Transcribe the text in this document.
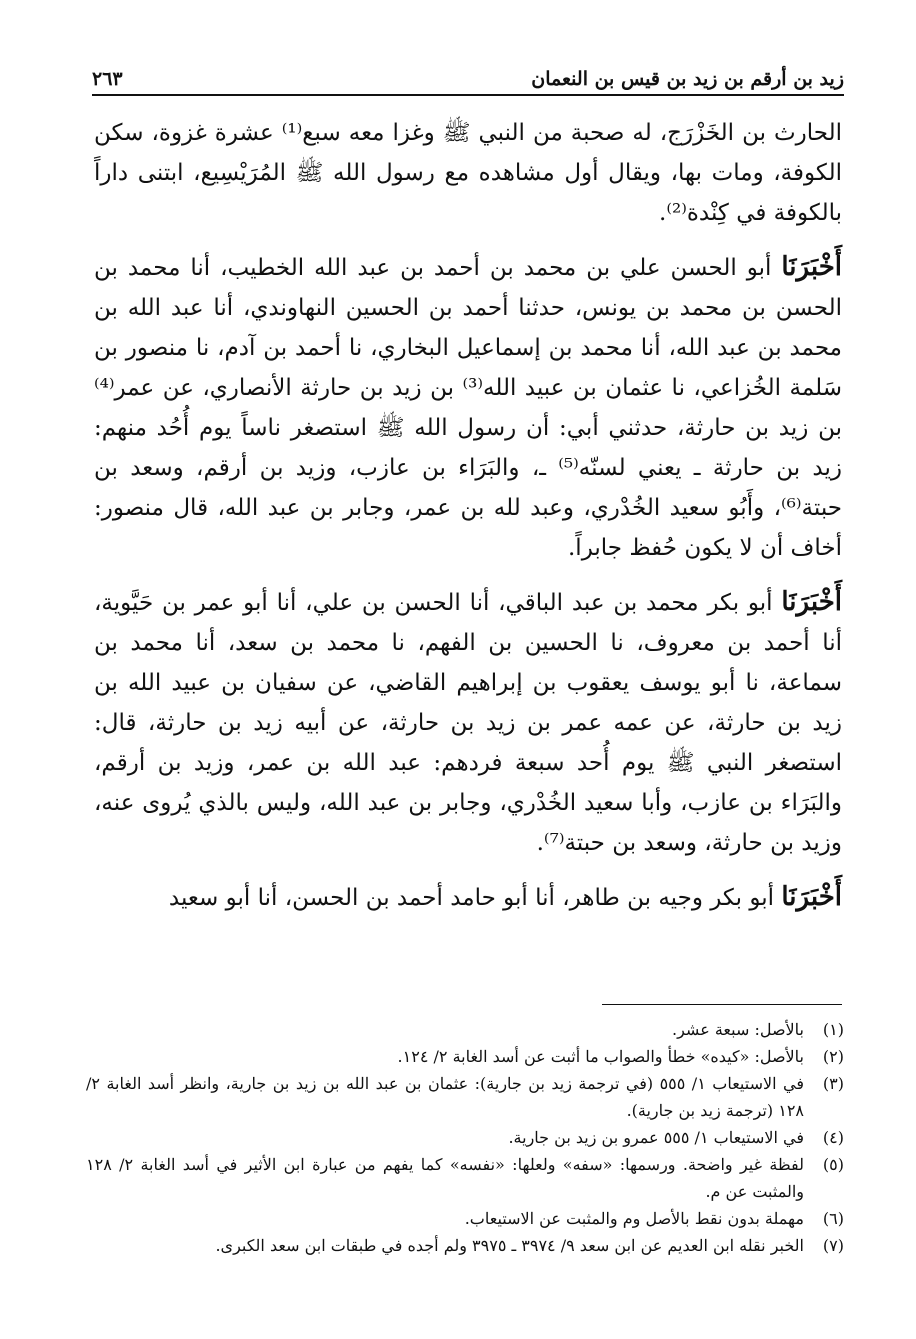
زيد بن أرقم بن زيد بن قيس بن النعمان
٢٦٣

الحارث بن الخَزْرَج، له صحبة من النبي ﷺ وغزا معه سبع⁽¹⁾ عشرة غزوة، سكن الكوفة، ومات بها، ويقال أول مشاهده مع رسول الله ﷺ المُرَيْسِيع، ابتنى داراً بالكوفة في كِنْدة⁽²⁾.

أَخْبَرَنَا أبو الحسن علي بن محمد بن أحمد بن عبد الله الخطيب، أنا محمد بن الحسن بن محمد بن يونس، حدثنا أحمد بن الحسين النهاوندي، أنا عبد الله بن محمد بن عبد الله، أنا محمد بن إسماعيل البخاري، نا أحمد بن آدم، نا منصور بن سَلمة الخُزاعي، نا عثمان بن عبيد الله⁽³⁾ بن زيد بن حارثة الأنصاري، عن عمر⁽⁴⁾ بن زيد بن حارثة، حدثني أبي: أن رسول الله ﷺ استصغر ناساً يوم أُحُد منهم: زيد بن حارثة ـ يعني لسنّه⁽⁵⁾ ـ، والبَرَاء بن عازب، وزيد بن أرقم، وسعد بن حبتة⁽⁶⁾، وأَبُو سعيد الخُدْري، وعبد لله بن عمر، وجابر بن عبد الله، قال منصور: أخاف أن لا يكون حُفظ جابراً.

أَخْبَرَنَا أبو بكر محمد بن عبد الباقي، أنا الحسن بن علي، أنا أبو عمر بن حَيَّوية، أنا أحمد بن معروف، نا الحسين بن الفهم، نا محمد بن سعد، أنا محمد بن سماعة، نا أبو يوسف يعقوب بن إبراهيم القاضي، عن سفيان بن عبيد الله بن زيد بن حارثة، عن عمه عمر بن زيد بن حارثة، عن أبيه زيد بن حارثة، قال: استصغر النبي ﷺ يوم أُحد سبعة فردهم: عبد الله بن عمر، وزيد بن أرقم، والبَرَاء بن عازب، وأبا سعيد الخُدْري، وجابر بن عبد الله، وليس بالذي يُروى عنه، وزيد بن حارثة، وسعد بن حبتة⁽⁷⁾.

أَخْبَرَنَا أبو بكر وجيه بن طاهر، أنا أبو حامد أحمد بن الحسن، أنا أبو سعيد

(١)
بالأصل: سبعة عشر.
(٢)
بالأصل: «كيده» خطأ والصواب ما أثبت عن أسد الغابة ٢/ ١٢٤.
(٣)
في الاستيعاب ١/ ٥٥٥ (في ترجمة زيد بن جارية): عثمان بن عبد الله بن زيد بن جارية، وانظر أسد الغابة ٢/ ١٢٨ (ترجمة زيد بن جارية).
(٤)
في الاستيعاب ١/ ٥٥٥ عمرو بن زيد بن جارية.
(٥)
لفظة غير واضحة. ورسمها: «سفه» ولعلها: «نفسه» كما يفهم من عبارة ابن الأثير في أسد الغابة ٢/ ١٢٨ والمثبت عن م.
(٦)
مهملة بدون نقط بالأصل وم والمثبت عن الاستيعاب.
(٧)
الخبر نقله ابن العديم عن ابن سعد ٩/ ٣٩٧٤ ـ ٣٩٧٥ ولم أجده في طبقات ابن سعد الكبرى.
